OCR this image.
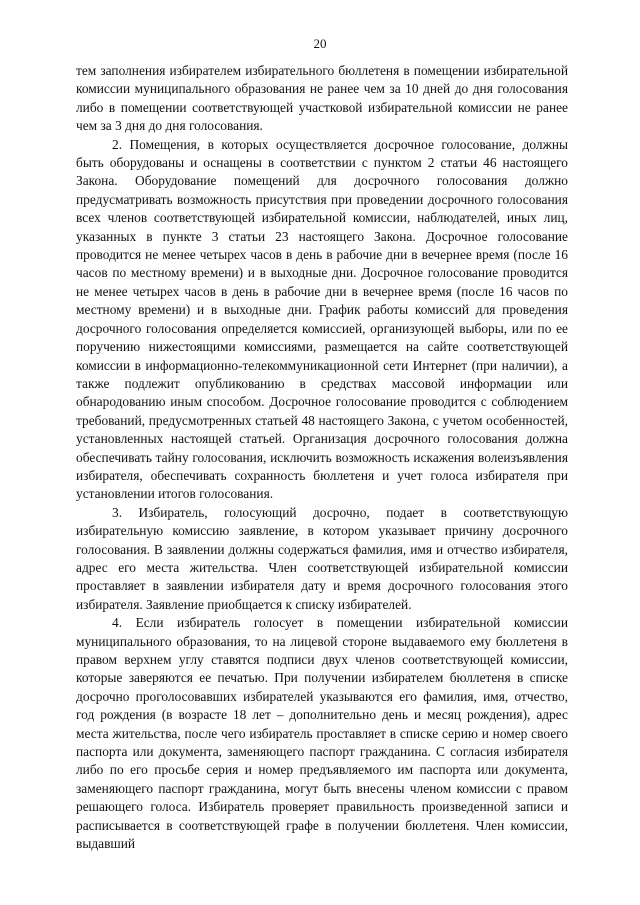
20

тем заполнения избирателем избирательного бюллетеня в помещении избирательной комиссии муниципального образования не ранее чем за 10 дней до дня голосования либо в помещении соответствующей участковой избирательной комиссии не ранее чем за 3 дня до дня голосования.

2. Помещения, в которых осуществляется досрочное голосование, должны быть оборудованы и оснащены в соответствии с пунктом 2 статьи 46 настоящего Закона. Оборудование помещений для досрочного голосования должно предусматривать возможность присутствия при проведении досрочного голосования всех членов соответствующей избирательной комиссии, наблюдателей, иных лиц, указанных в пункте 3 статьи 23 настоящего Закона. Досрочное голосование проводится не менее четырех часов в день в рабочие дни в вечернее время (после 16 часов по местному времени) и в выходные дни. Досрочное голосование проводится не менее четырех часов в день в рабочие дни в вечернее время (после 16 часов по местному времени) и в выходные дни. График работы комиссий для проведения досрочного голосования определяется комиссией, организующей выборы, или по ее поручению нижестоящими комиссиями, размещается на сайте соответствующей комиссии в информационно-телекоммуникационной сети Интернет (при наличии), а также подлежит опубликованию в средствах массовой информации или обнародованию иным способом. Досрочное голосование проводится с соблюдением требований, предусмотренных статьей 48 настоящего Закона, с учетом особенностей, установленных настоящей статьей. Организация досрочного голосования должна обеспечивать тайну голосования, исключить возможность искажения волеизъявления избирателя, обеспечивать сохранность бюллетеня и учет голоса избирателя при установлении итогов голосования.

3. Избиратель, голосующий досрочно, подает в соответствующую избирательную комиссию заявление, в котором указывает причину досрочного голосования. В заявлении должны содержаться фамилия, имя и отчество избирателя, адрес его места жительства. Член соответствующей избирательной комиссии проставляет в заявлении избирателя дату и время досрочного голосования этого избирателя. Заявление приобщается к списку избирателей.

4. Если избиратель голосует в помещении избирательной комиссии муниципального образования, то на лицевой стороне выдаваемого ему бюллетеня в правом верхнем углу ставятся подписи двух членов соответствующей комиссии, которые заверяются ее печатью. При получении избирателем бюллетеня в списке досрочно проголосовавших избирателей указываются его фамилия, имя, отчество, год рождения (в возрасте 18 лет – дополнительно день и месяц рождения), адрес места жительства, после чего избиратель проставляет в списке серию и номер своего паспорта или документа, заменяющего паспорт гражданина. С согласия избирателя либо по его просьбе серия и номер предъявляемого им паспорта или документа, заменяющего паспорт гражданина, могут быть внесены членом комиссии с правом решающего голоса. Избиратель проверяет правильность произведенной записи и расписывается в соответствующей графе в получении бюллетеня. Член комиссии, выдавший
